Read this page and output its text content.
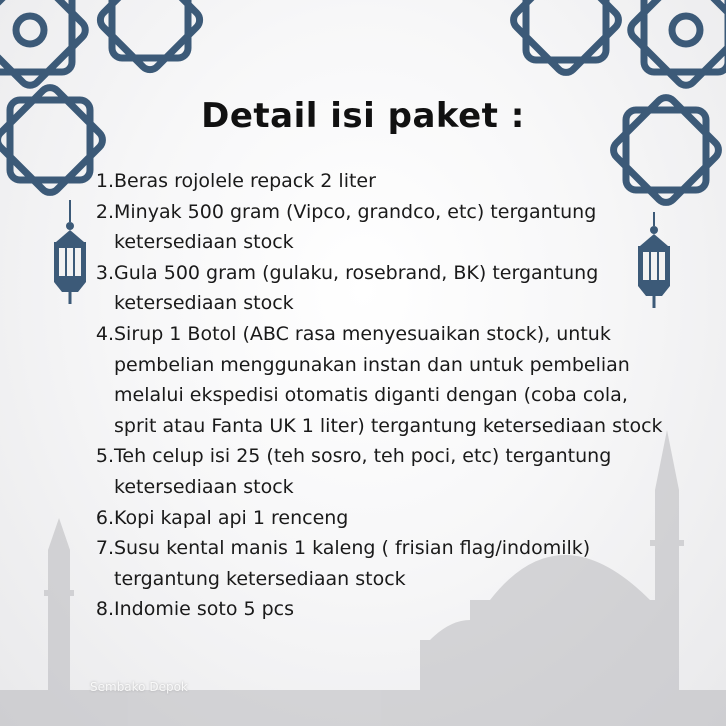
Detail isi paket :
1. Beras rojolele repack 2 liter
2. Minyak 500 gram (Vipco, grandco, etc) tergantung ketersediaan stock
3. Gula 500 gram (gulaku, rosebrand, BK) tergantung ketersediaan stock
4. Sirup 1 Botol (ABC rasa menyesuaikan stock), untuk pembelian menggunakan instan dan untuk pembelian melalui ekspedisi otomatis diganti dengan (coba cola, sprit atau Fanta UK 1 liter) tergantung ketersediaan stock
5. Teh celup isi 25 (teh sosro, teh poci, etc) tergantung ketersediaan stock
6. Kopi kapal api 1 renceng
7. Susu kental manis 1 kaleng ( frisian flag/indomilk) tergantung ketersediaan stock
8. Indomie soto 5 pcs
Sembako Depok
